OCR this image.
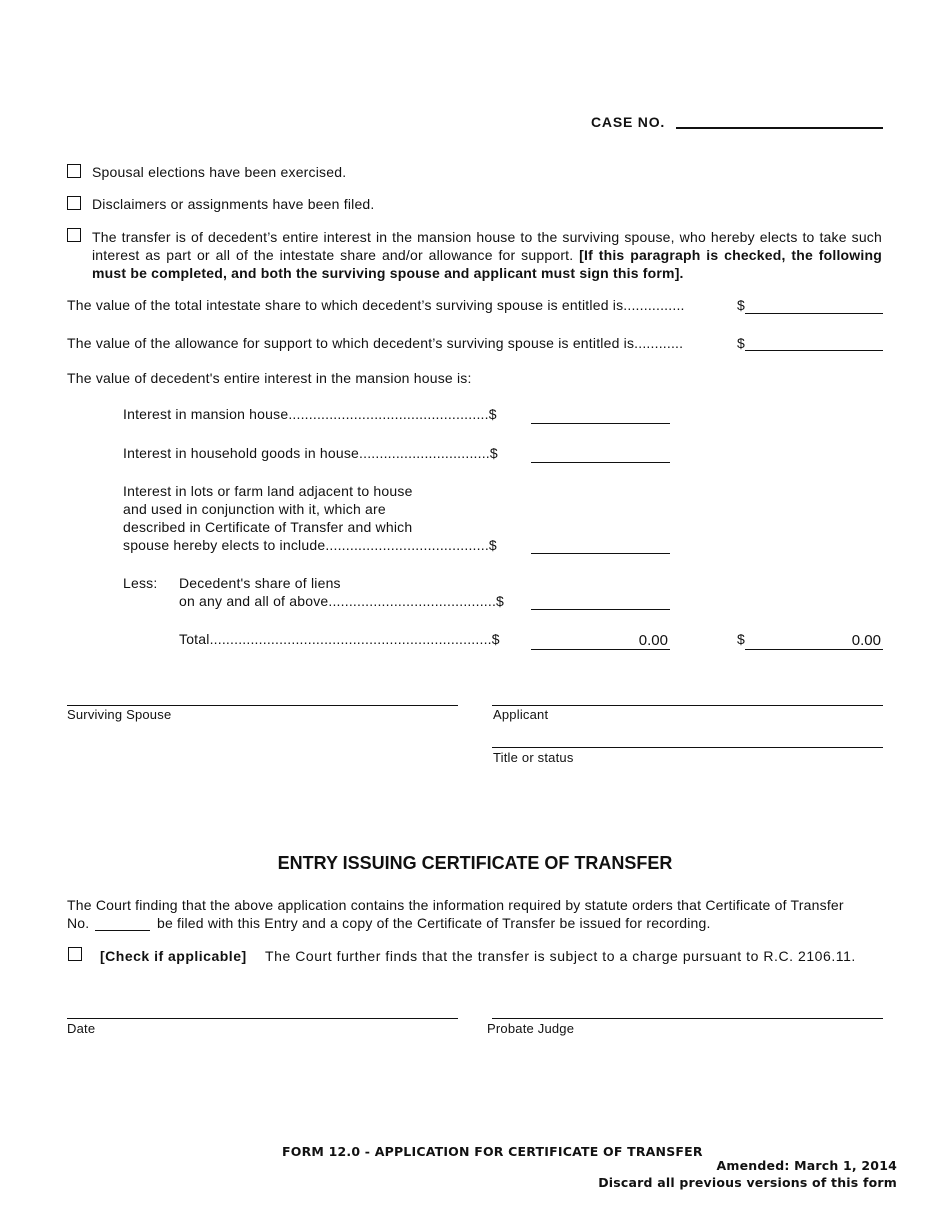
CASE NO.
Spousal elections have been exercised.
Disclaimers or assignments have been filed.
The transfer is of decedent’s entire interest in the mansion house to the surviving spouse, who hereby elects to take such interest as part or all of the intestate share and/or allowance for support. [If this paragraph is checked, the following must be completed, and both the surviving spouse and applicant must sign this form].
The value of the total intestate share to which decedent’s surviving spouse is entitled is...............	$
The value of the allowance for support to which decedent’s surviving spouse is entitled is............	$
The value of decedent's entire interest in the mansion house is:
Interest in mansion house.................................................$
Interest in household goods in house................................$
Interest in lots or farm land adjacent to house
and used in conjunction with it, which are
described in Certificate of Transfer and which
spouse hereby elects to include........................................$
Less: Decedent's share of liens
on any and all of above.........................................$
Total.....................................................................$	0.00	$	0.00
Surviving Spouse	Applicant
Title or status
ENTRY ISSUING CERTIFICATE OF TRANSFER
The Court finding that the above application contains the information required by statute orders that Certificate of Transfer
No.	be filed with this Entry and a copy of the Certificate of Transfer be issued for recording.
[Check if applicable] The Court further finds that the transfer is subject to a charge pursuant to R.C. 2106.11.
Date	Probate Judge
FORM 12.0 - APPLICATION FOR CERTIFICATE OF TRANSFER
Amended: March 1, 2014
Discard all previous versions of this form
